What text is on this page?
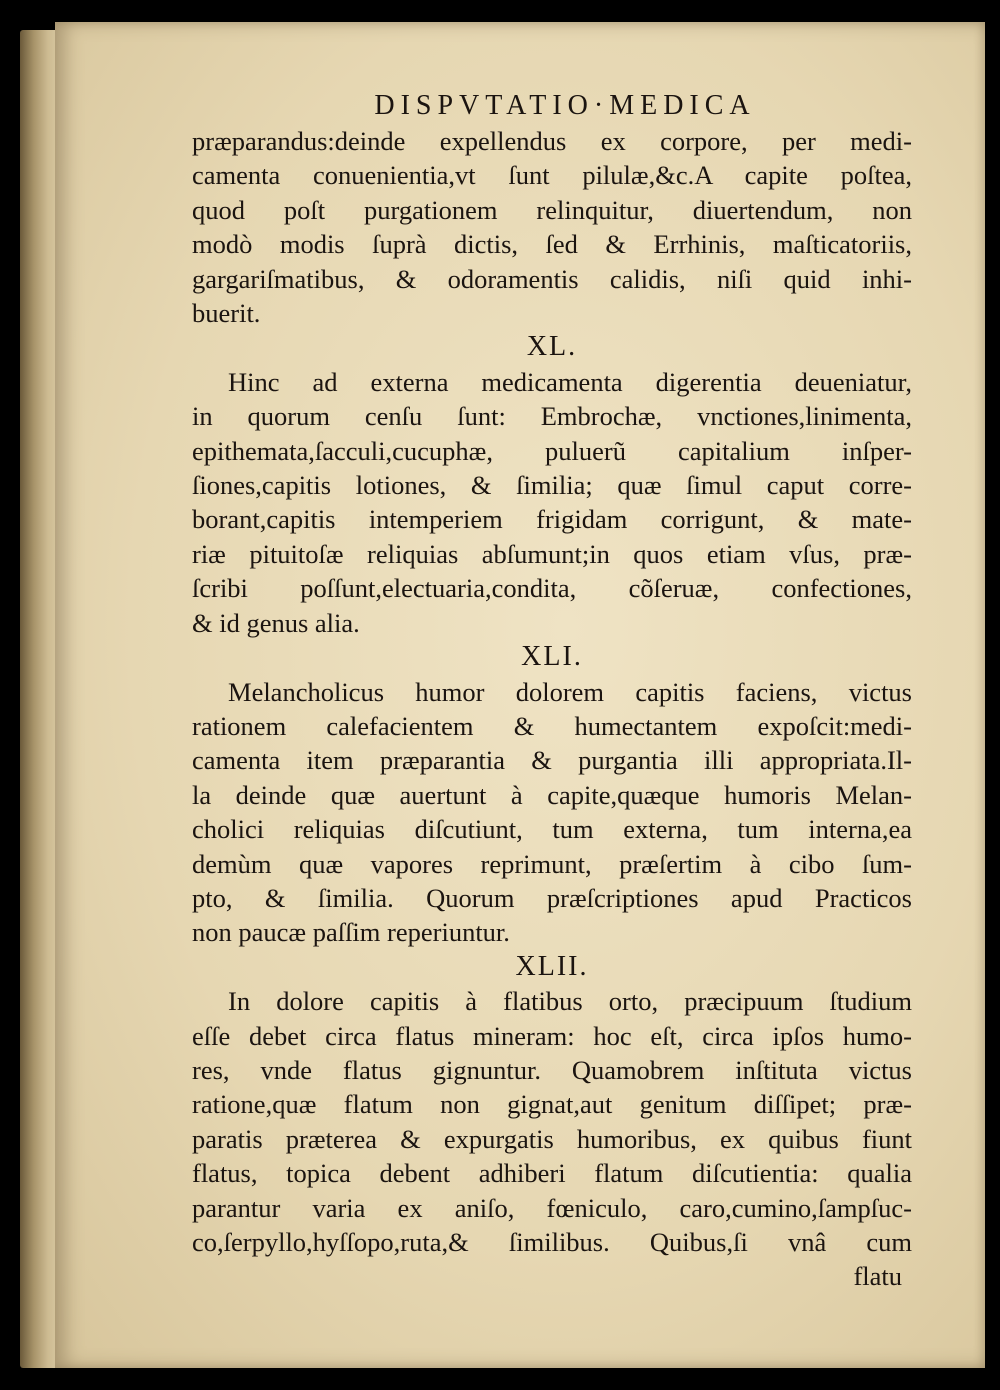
DISPVTATIO·MEDICA
præparandus:deinde expellendus ex corpore, per medi-
camenta conuenientia,vt ſunt pilulæ,&c.A capite poſtea,
quod poſt purgationem relinquitur, diuertendum, non
modò modis ſuprà dictis, ſed & Errhinis, maſticatoriis,
gargariſmatibus, & odoramentis calidis, niſi quid inhi-
buerit.
XL.
Hinc ad externa medicamenta digerentia deueniatur,
in quorum cenſu ſunt: Embrochæ, vnctiones,linimenta,
epithemata,ſacculi,cucuphæ, puluerũ capitalium inſper-
ſiones,capitis lotiones, & ſimilia; quæ ſimul caput corre-
borant,capitis intemperiem frigidam corrigunt, & mate-
riæ pituitoſæ reliquias abſumunt;in quos etiam vſus, præ-
ſcribi poſſunt,electuaria,condita, cõſeruæ, confectiones,
& id genus alia.
XLI.
Melancholicus humor dolorem capitis faciens, victus
rationem calefacientem & humectantem expoſcit:medi-
camenta item præparantia & purgantia illi appropriata.Il-
la deinde quæ auertunt à capite,quæque humoris Melan-
cholici reliquias diſcutiunt, tum externa, tum interna,ea
demùm quæ vapores reprimunt, præſertim à cibo ſum-
pto, & ſimilia. Quorum præſcriptiones apud Practicos
non paucæ paſſim reperiuntur.
XLII.
In dolore capitis à flatibus orto, præcipuum ſtudium
eſſe debet circa flatus mineram: hoc eſt, circa ipſos humo-
res, vnde flatus gignuntur. Quamobrem inſtituta victus
ratione,quæ flatum non gignat,aut genitum diſſipet; præ-
paratis præterea & expurgatis humoribus, ex quibus fiunt
flatus, topica debent adhiberi flatum diſcutientia: qualia
parantur varia ex aniſo, fœniculo, caro,cumino,ſampſuc-
co,ſerpyllo,hyſſopo,ruta,& ſimilibus. Quibus,ſi vnâ cum
flatu
